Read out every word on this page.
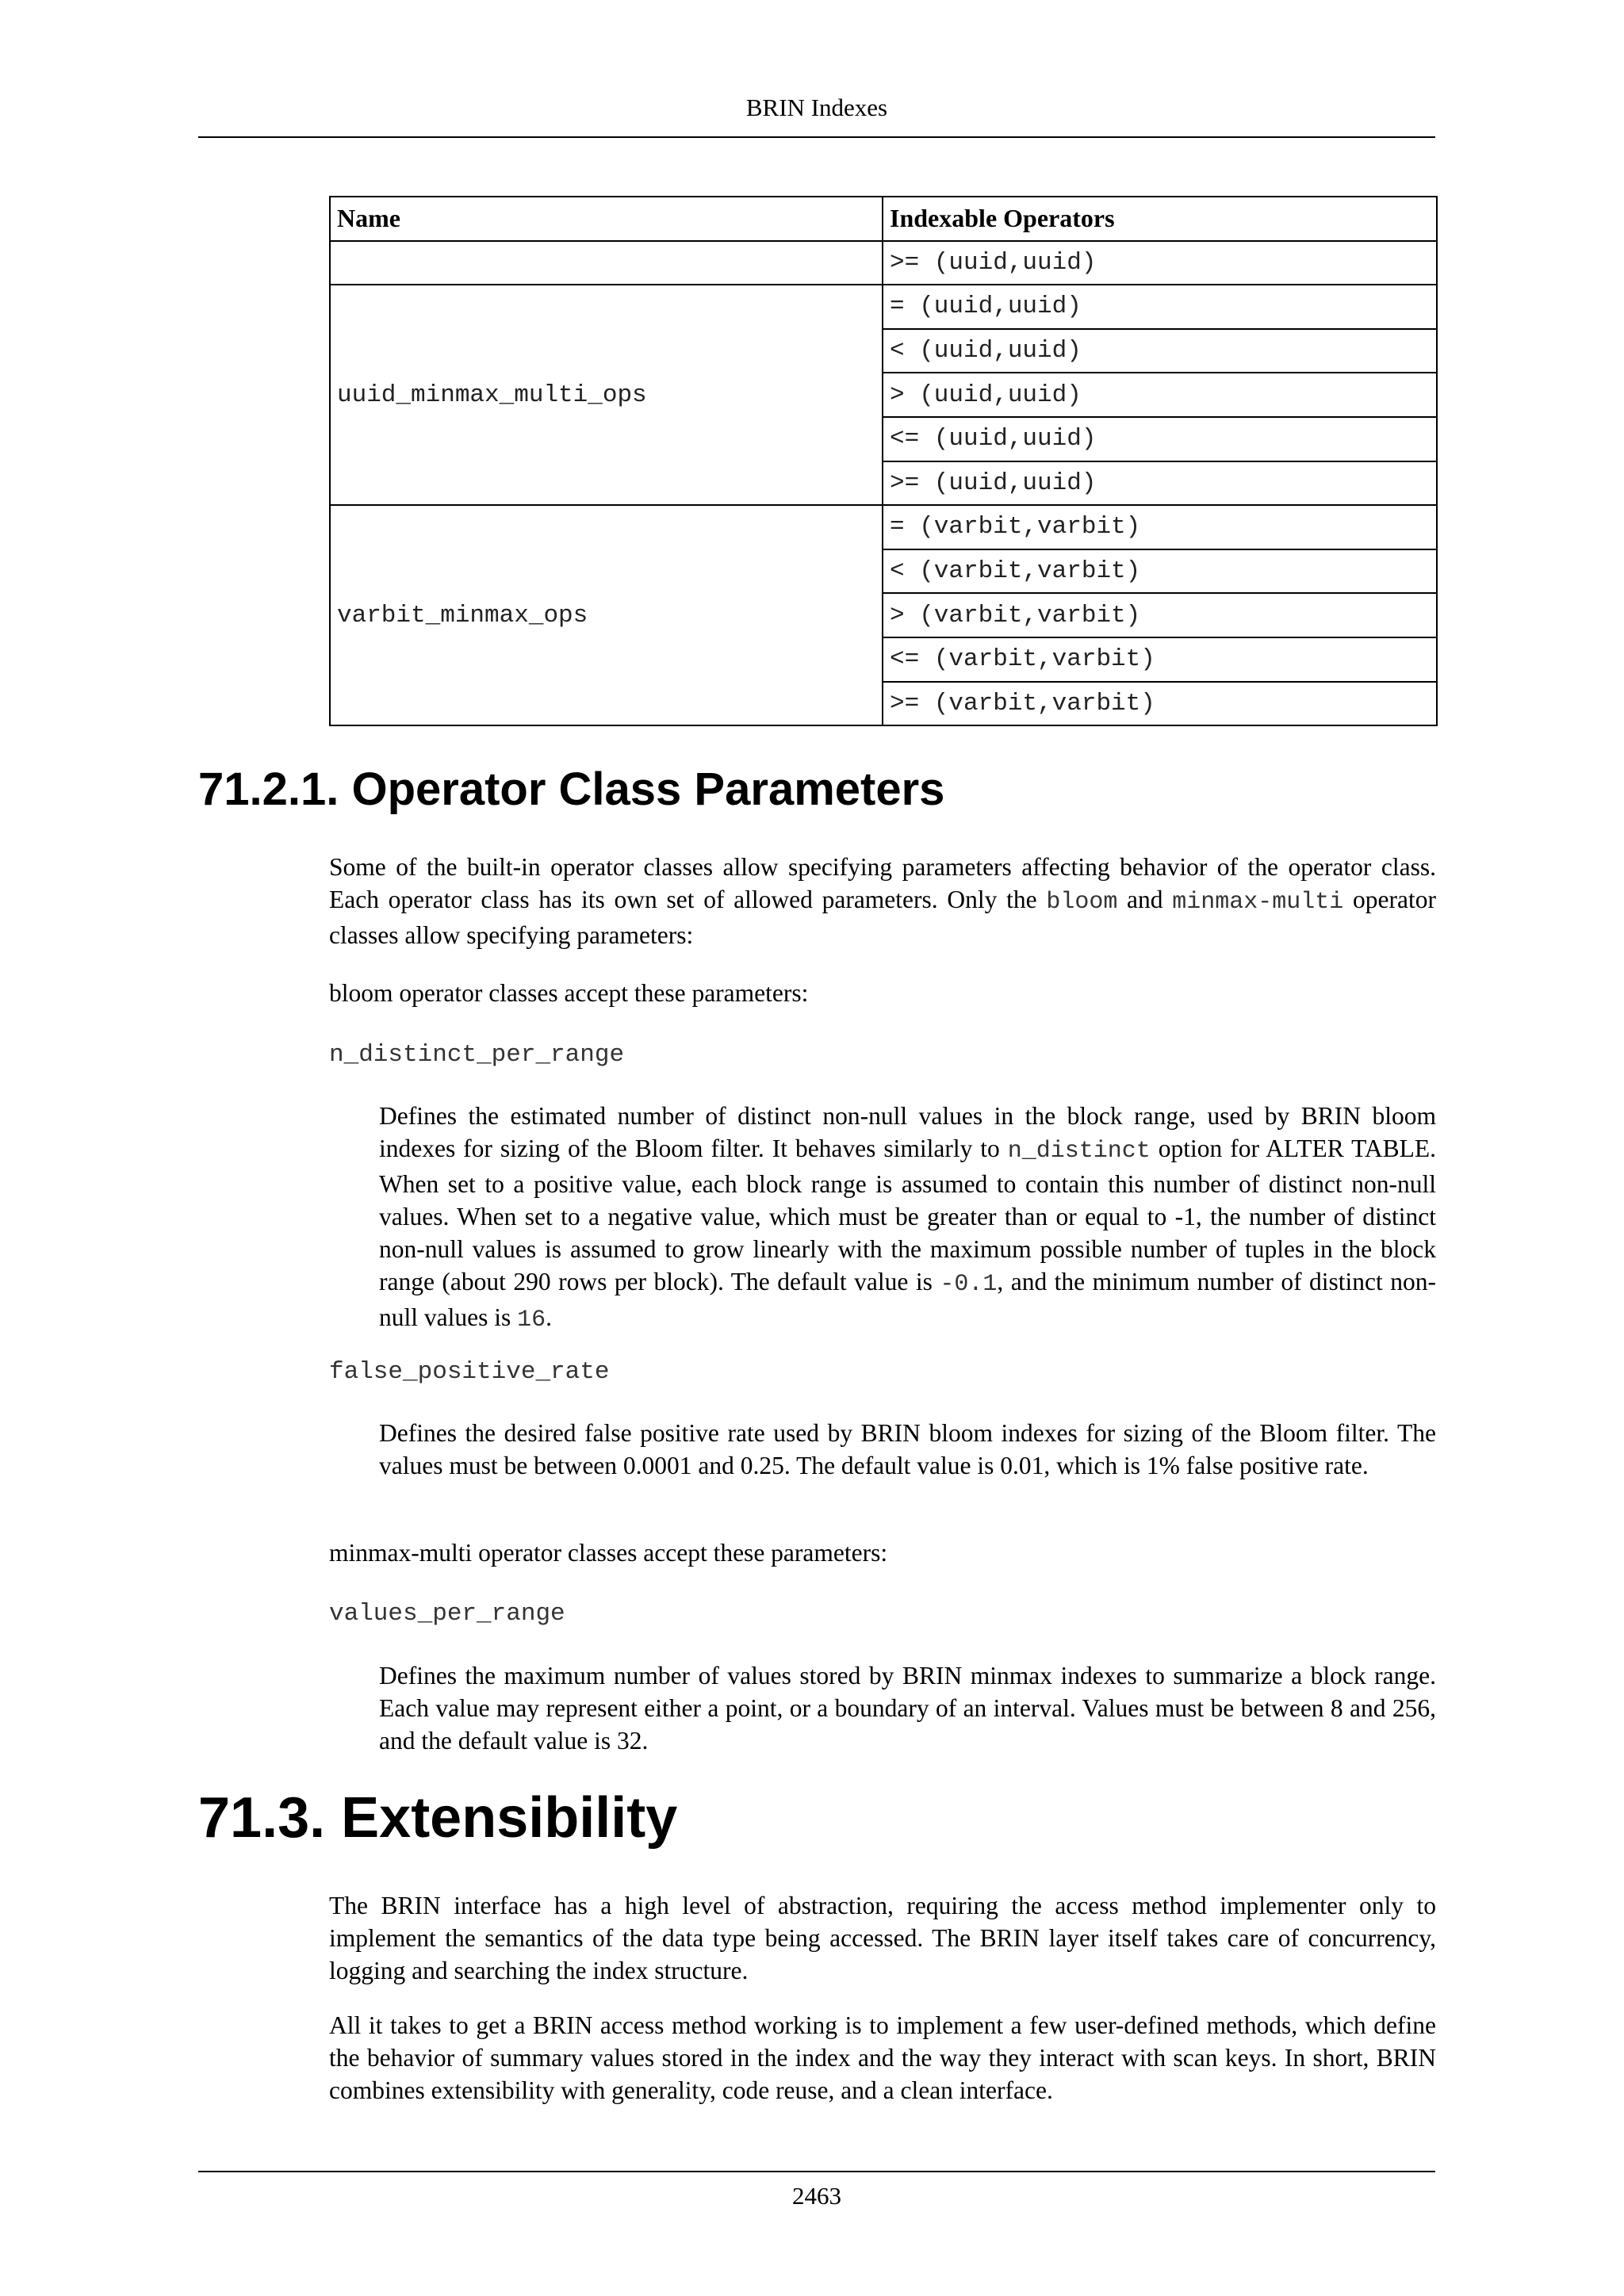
BRIN Indexes
Name	Indexable Operators
	>= (uuid,uuid)
uuid_minmax_multi_ops	= (uuid,uuid)
	< (uuid,uuid)
	> (uuid,uuid)
	<= (uuid,uuid)
	>= (uuid,uuid)
varbit_minmax_ops	= (varbit,varbit)
	< (varbit,varbit)
	> (varbit,varbit)
	<= (varbit,varbit)
	>= (varbit,varbit)
71.2.1. Operator Class Parameters

Some of the built-in operator classes allow specifying parameters affecting behavior of the operator class. Each operator class has its own set of allowed parameters. Only the bloom and minmax-multi operator classes allow specifying parameters:

bloom operator classes accept these parameters:

n_distinct_per_range

Defines the estimated number of distinct non-null values in the block range, used by BRIN bloom indexes for sizing of the Bloom filter. It behaves similarly to n_distinct option for ALTER TABLE. When set to a positive value, each block range is assumed to contain this number of distinct non-null values. When set to a negative value, which must be greater than or equal to -1, the number of distinct non-null values is assumed to grow linearly with the maximum possible number of tuples in the block range (about 290 rows per block). The default value is -0.1, and the minimum number of distinct non-null values is 16.

false_positive_rate

Defines the desired false positive rate used by BRIN bloom indexes for sizing of the Bloom filter. The values must be between 0.0001 and 0.25. The default value is 0.01, which is 1% false positive rate.

minmax-multi operator classes accept these parameters:

values_per_range

Defines the maximum number of values stored by BRIN minmax indexes to summarize a block range. Each value may represent either a point, or a boundary of an interval. Values must be between 8 and 256, and the default value is 32.

71.3. Extensibility

The BRIN interface has a high level of abstraction, requiring the access method implementer only to implement the semantics of the data type being accessed. The BRIN layer itself takes care of concurrency, logging and searching the index structure.

All it takes to get a BRIN access method working is to implement a few user-defined methods, which define the behavior of summary values stored in the index and the way they interact with scan keys. In short, BRIN combines extensibility with generality, code reuse, and a clean interface.

2463
